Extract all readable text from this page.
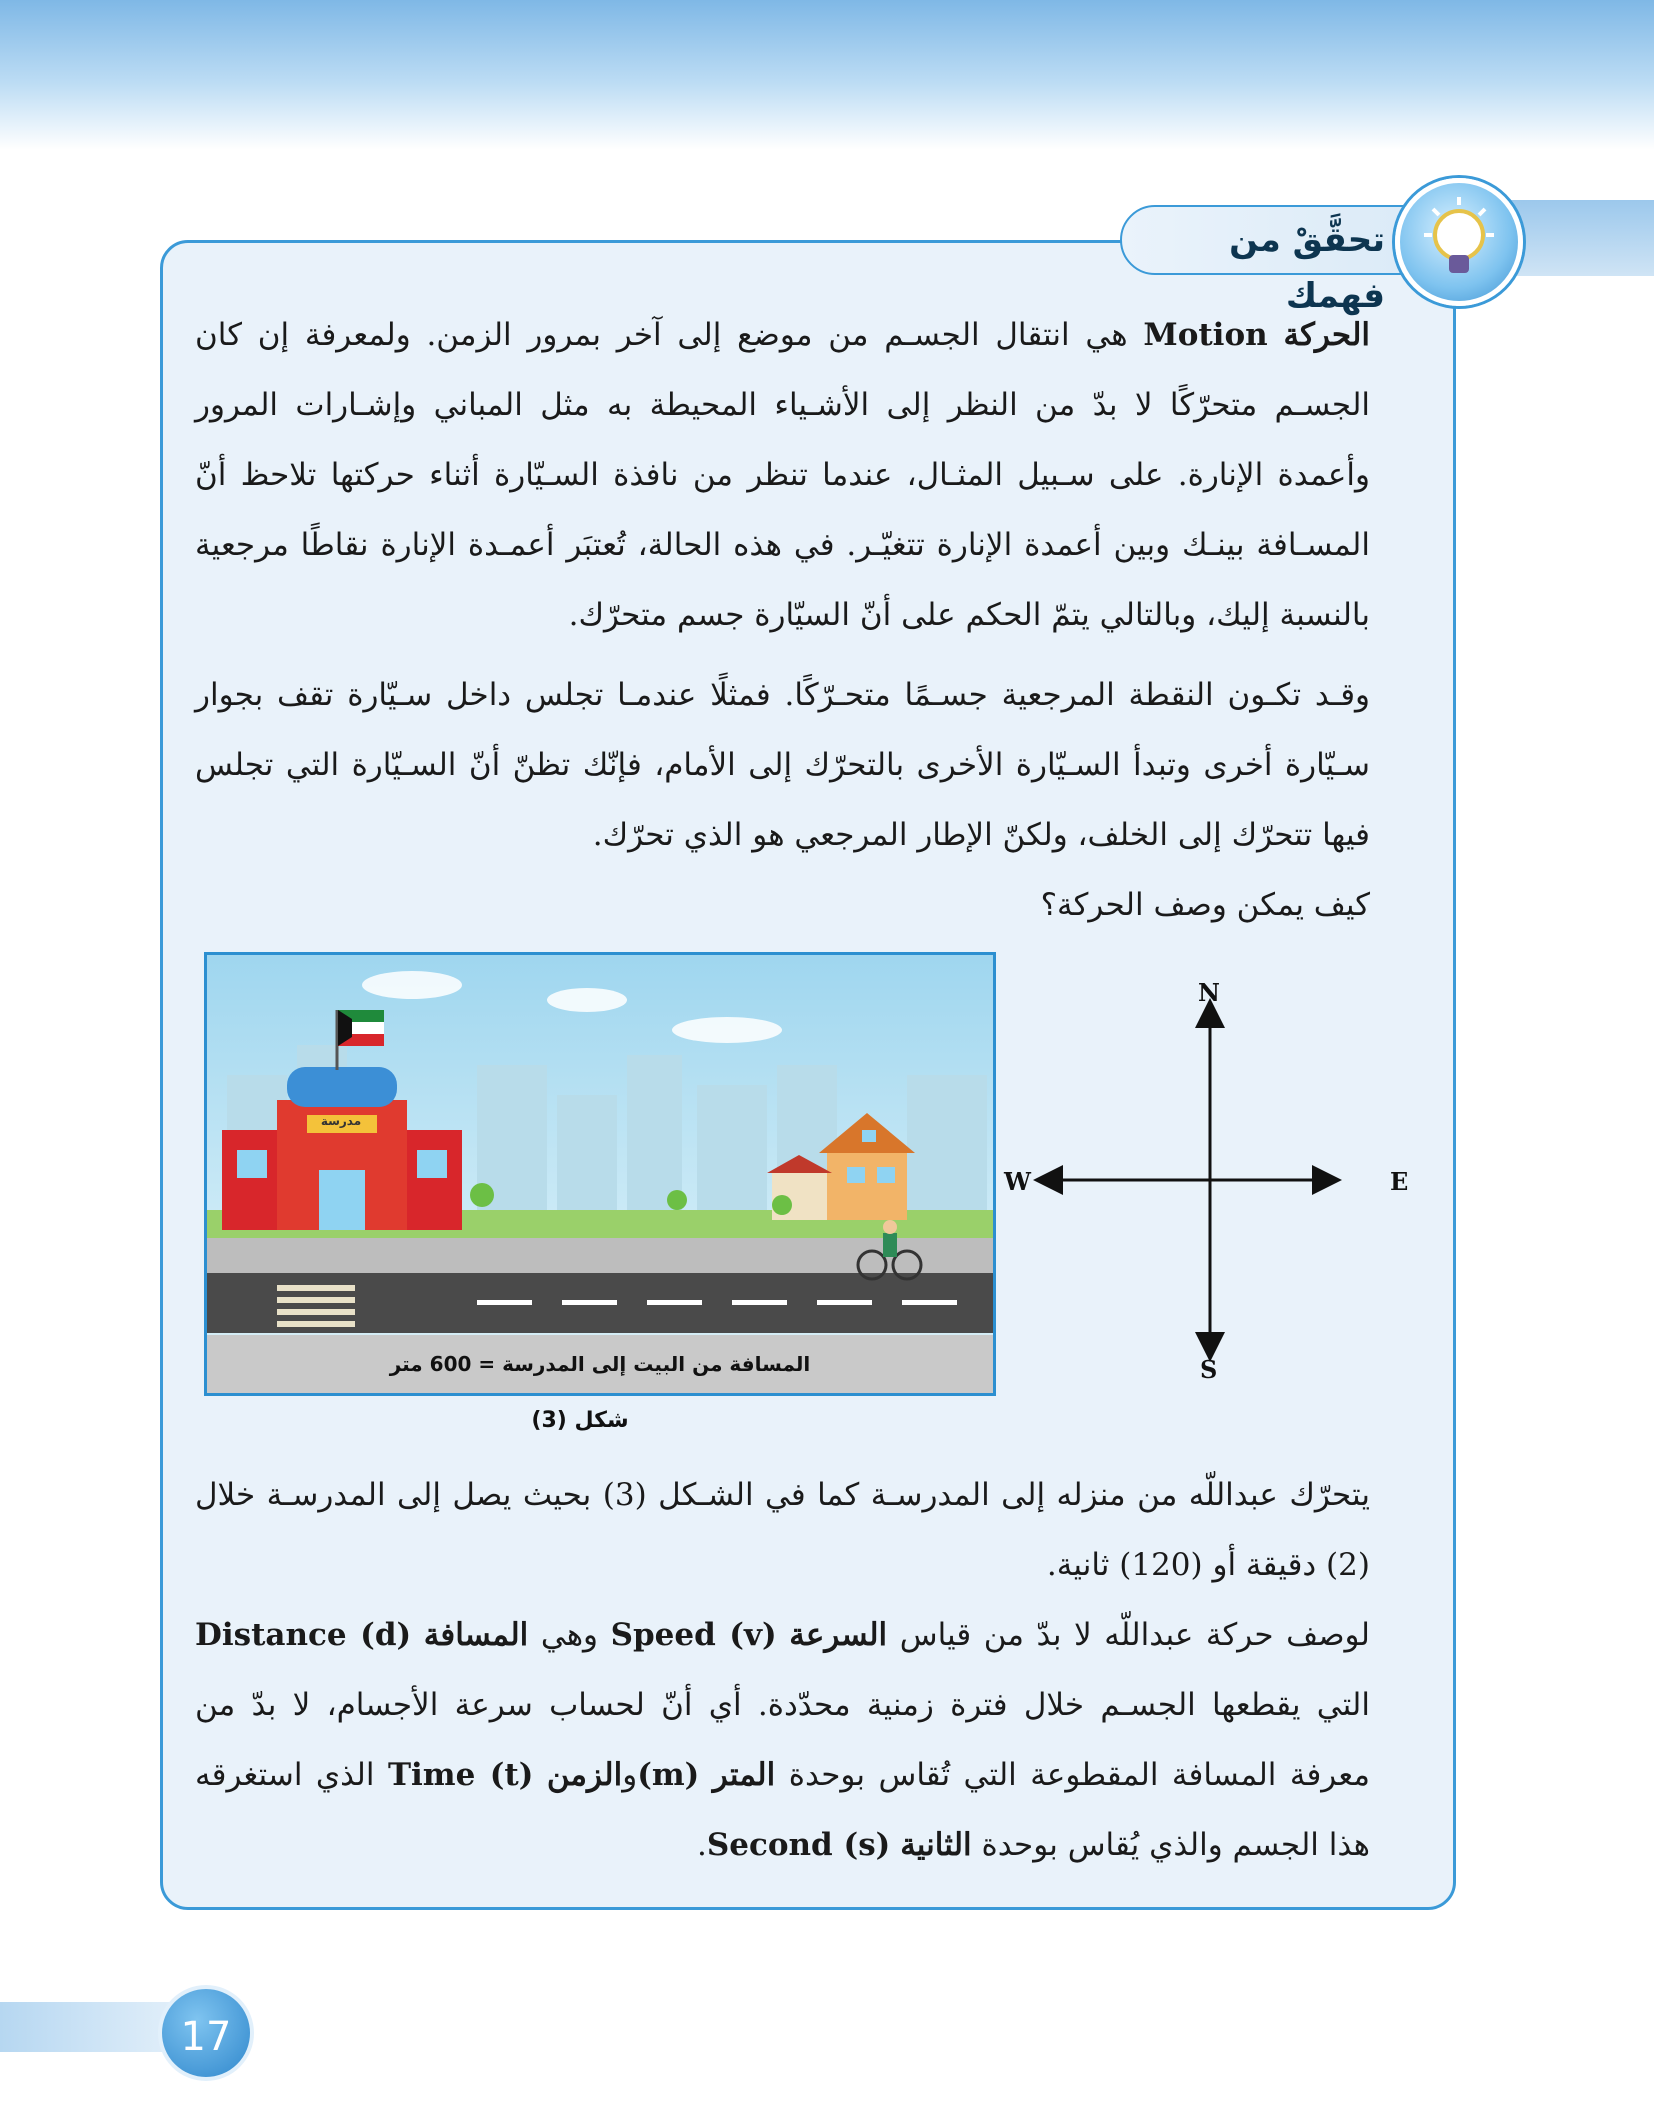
تحقَّقْ من فهمك
الحركة Motion هي انتقال الجسـم من موضع إلى آخر بمرور الزمن. ولمعرفة إن كان الجسـم متحرّكًا لا بدّ من النظر إلى الأشـياء المحيطة به مثل المباني وإشـارات المرور وأعمدة الإنارة. على سـبيل المثـال، عندما تنظر من نافذة السـيّارة أثناء حركتها تلاحظ أنّ المسـافة بينـك وبين أعمدة الإنارة تتغيّـر. في هذه الحالة، تُعتبَر أعمـدة الإنارة نقاطًا مرجعية بالنسبة إليك، وبالتالي يتمّ الحكم على أنّ السيّارة جسم متحرّك.
وقـد تكـون النقطة المرجعية جسـمًا متحـرّكًا. فمثلًا عندمـا تجلس داخل سـيّارة تقف بجوار سـيّارة أخرى وتبدأ السـيّارة الأخرى بالتحرّك إلى الأمام، فإنّك تظنّ أنّ السـيّارة التي تجلس فيها تتحرّك إلى الخلف، ولكنّ الإطار المرجعي هو الذي تحرّك.
كيف يمكن وصف الحركة؟
مدرسة
المسافة من البيت إلى المدرسة = 600 متر
شكل (3)
N
S
E
W
يتحرّك عبداللّه من منزله إلى المدرسـة كما في الشـكل (3) بحيث يصل إلى المدرسـة خلال (2) دقيقة أو (120) ثانية.
لوصف حركة عبداللّه لا بدّ من قياس السرعة Speed (v) وهي المسافة Distance (d) التي يقطعها الجسـم خلال فترة زمنية محدّدة. أي أنّ لحساب سرعة الأجسام، لا بدّ من معرفة المسافة المقطوعة التي تُقاس بوحدة المتر (m)والزمن Time (t) الذي استغرقه هذا الجسم والذي يُقاس بوحدة الثانية Second (s).
17
